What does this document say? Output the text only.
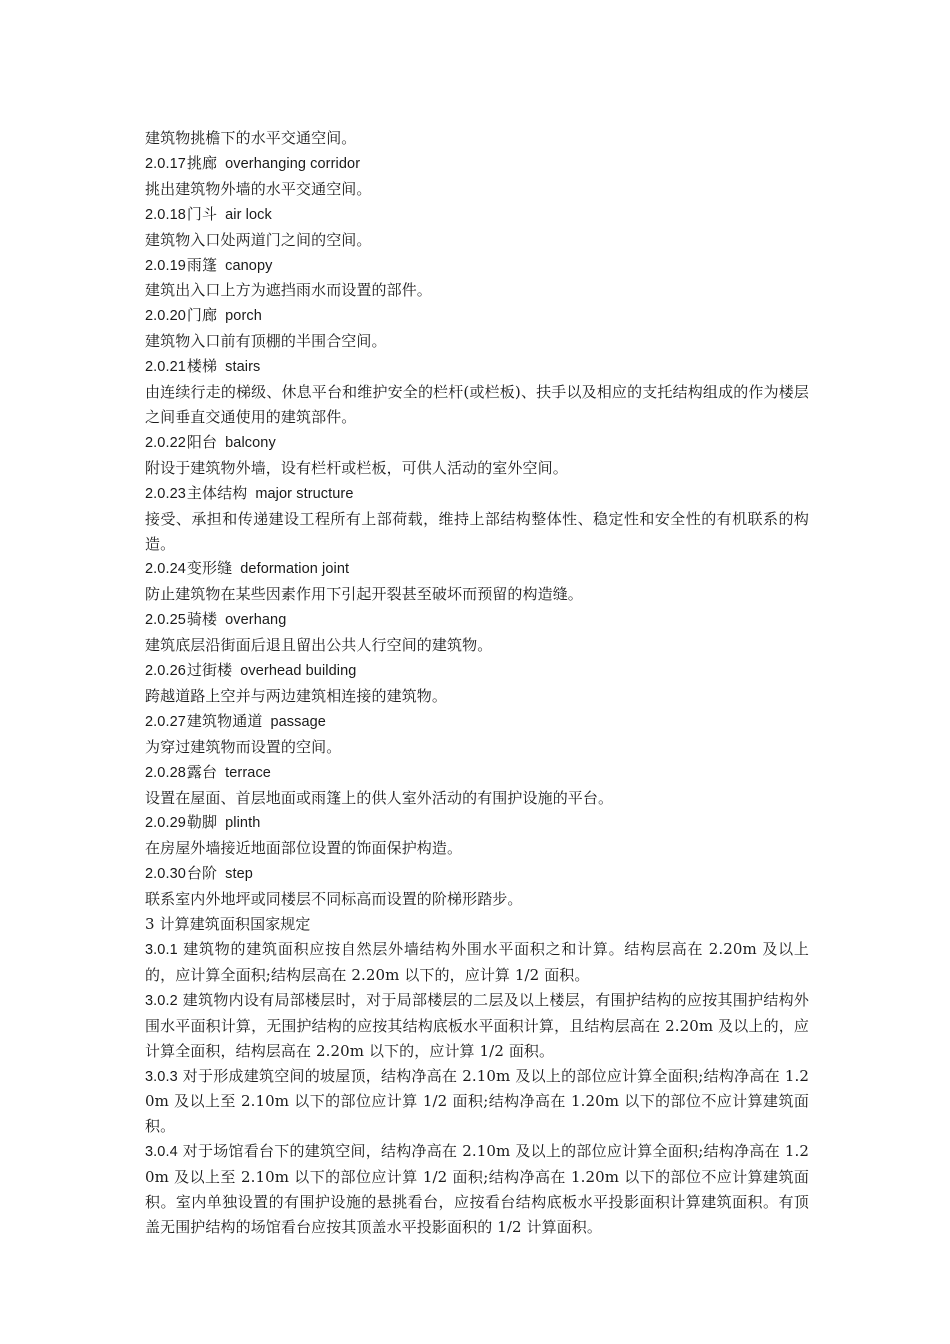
建筑物挑檐下的水平交通空间。
2.0.17挑廊 overhanging corridor
挑出建筑物外墙的水平交通空间。
2.0.18门斗 air lock
建筑物入口处两道门之间的空间。
2.0.19雨篷 canopy
建筑出入口上方为遮挡雨水而设置的部件。
2.0.20门廊 porch
建筑物入口前有顶棚的半围合空间。
2.0.21楼梯 stairs
由连续行走的梯级、休息平台和维护安全的栏杆(或栏板)、扶手以及相应的支托结构组成的作为楼层之间垂直交通使用的建筑部件。
2.0.22阳台 balcony
附设于建筑物外墙，设有栏杆或栏板，可供人活动的室外空间。
2.0.23主体结构 major structure
接受、承担和传递建设工程所有上部荷载，维持上部结构整体性、稳定性和安全性的有机联系的构造。
2.0.24变形缝 deformation joint
防止建筑物在某些因素作用下引起开裂甚至破坏而预留的构造缝。
2.0.25骑楼 overhang
建筑底层沿街面后退且留出公共人行空间的建筑物。
2.0.26过街楼 overhead building
跨越道路上空并与两边建筑相连接的建筑物。
2.0.27建筑物通道 passage
为穿过建筑物而设置的空间。
2.0.28露台 terrace
设置在屋面、首层地面或雨篷上的供人室外活动的有围护设施的平台。
2.0.29勒脚 plinth
在房屋外墙接近地面部位设置的饰面保护构造。
2.0.30台阶 step
联系室内外地坪或同楼层不同标高而设置的阶梯形踏步。
3 计算建筑面积国家规定
3.0.1 建筑物的建筑面积应按自然层外墙结构外围水平面积之和计算。结构层高在 2.20m 及以上的，应计算全面积;结构层高在 2.20m 以下的，应计算 1/2 面积。
3.0.2 建筑物内设有局部楼层时，对于局部楼层的二层及以上楼层，有围护结构的应按其围护结构外围水平面积计算，无围护结构的应按其结构底板水平面积计算，且结构层高在 2.20m 及以上的，应计算全面积，结构层高在 2.20m 以下的，应计算 1/2 面积。
3.0.3 对于形成建筑空间的坡屋顶，结构净高在 2.10m 及以上的部位应计算全面积;结构净高在 1.20m 及以上至 2.10m 以下的部位应计算 1/2 面积;结构净高在 1.20m 以下的部位不应计算建筑面积。
3.0.4 对于场馆看台下的建筑空间，结构净高在 2.10m 及以上的部位应计算全面积;结构净高在 1.20m 及以上至 2.10m 以下的部位应计算 1/2 面积;结构净高在 1.20m 以下的部位不应计算建筑面积。室内单独设置的有围护设施的悬挑看台，应按看台结构底板水平投影面积计算建筑面积。有顶盖无围护结构的场馆看台应按其顶盖水平投影面积的 1/2 计算面积。
